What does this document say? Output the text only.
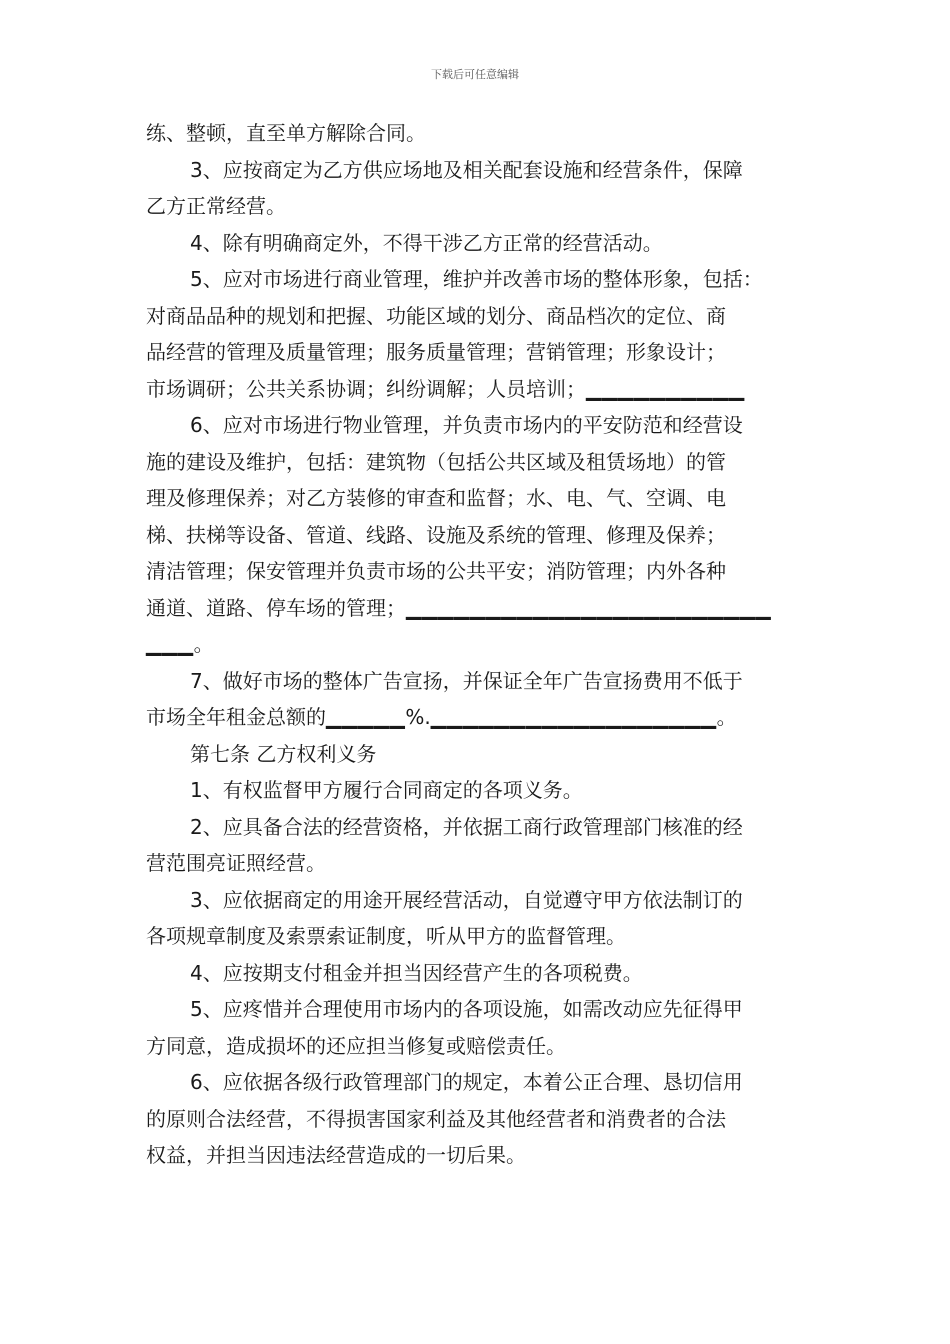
下载后可任意编辑
练、整顿，直至单方解除合同。
3、应按商定为乙方供应场地及相关配套设施和经营条件，保障
乙方正常经营。
4、除有明确商定外，不得干涉乙方正常的经营活动。
5、应对市场进行商业管理，维护并改善市场的整体形象，包括：
对商品品种的规划和把握、功能区域的划分、商品档次的定位、商
品经营的管理及质量管理；服务质量管理；营销管理；形象设计；
市场调研；公共关系协调；纠纷调解；人员培训；▁▁▁▁▁▁▁▁▁▁
6、应对市场进行物业管理，并负责市场内的平安防范和经营设
施的建设及维护，包括：建筑物（包括公共区域及租赁场地）的管
理及修理保养；对乙方装修的审查和监督；水、电、气、空调、电
梯、扶梯等设备、管道、线路、设施及系统的管理、修理及保养；
清洁管理；保安管理并负责市场的公共平安；消防管理；内外各种
通道、道路、停车场的管理；▁▁▁▁▁▁▁▁▁▁▁▁▁▁▁▁▁▁▁▁▁▁▁
▁▁▁。
7、做好市场的整体广告宣扬，并保证全年广告宣扬费用不低于
市场全年租金总额的▁▁▁▁▁%.▁▁▁▁▁▁▁▁▁▁▁▁▁▁▁▁▁▁。
第七条 乙方权利义务
1、有权监督甲方履行合同商定的各项义务。
2、应具备合法的经营资格，并依据工商行政管理部门核准的经
营范围亮证照经营。
3、应依据商定的用途开展经营活动，自觉遵守甲方依法制订的
各项规章制度及索票索证制度，听从甲方的监督管理。
4、应按期支付租金并担当因经营产生的各项税费。
5、应疼惜并合理使用市场内的各项设施，如需改动应先征得甲
方同意，造成损坏的还应担当修复或赔偿责任。
6、应依据各级行政管理部门的规定，本着公正合理、恳切信用
的原则合法经营，不得损害国家利益及其他经营者和消费者的合法
权益，并担当因违法经营造成的一切后果。
